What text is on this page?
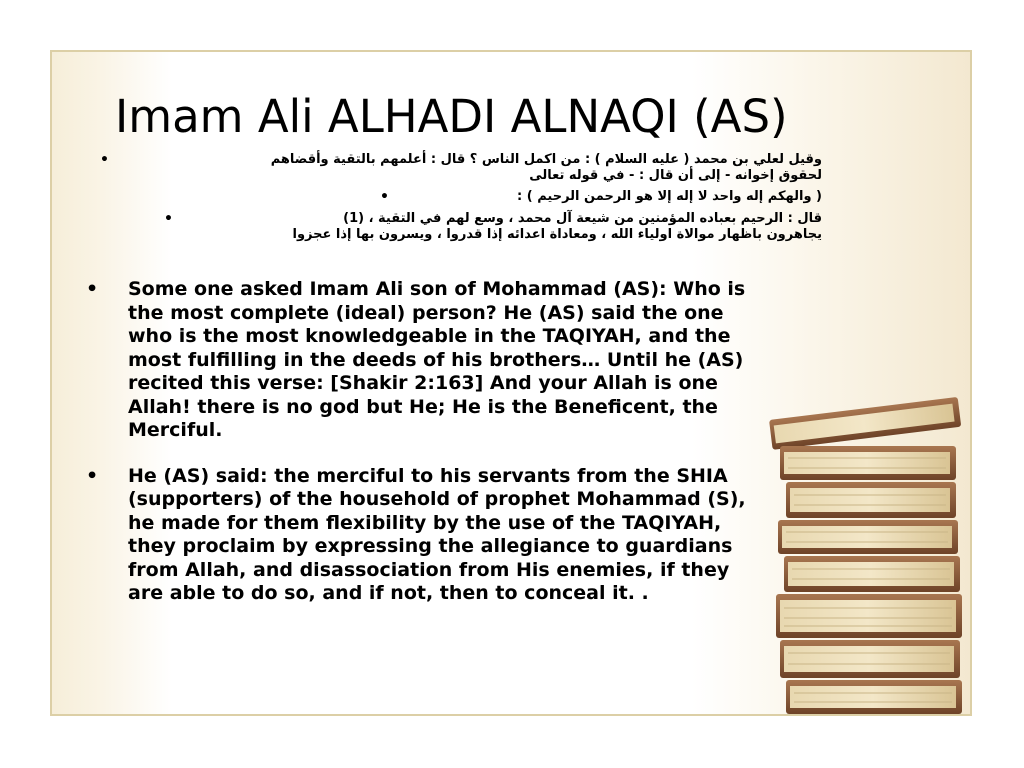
Imam Ali ALHADI ALNAQI (AS)
•	وقيل لعلي بن محمد ( عليه السلام ) : من اكمل الناس ؟ قال : أعلمهم بالتقية وأقضاهم
لحقوق إخوانه - إلى أن قال : - في قوله تعالى
•	( والهكم إله واحد لا إله إلا هو الرحمن الرحيم ) :
•	قال : الرحيم بعباده المؤمنين من شيعة آل محمد ، وسع لهم في التقية ، (1)
يجاهرون باظهار موالاة اولياء الله ، ومعاداة اعدائه إذا قدروا ، ويسرون بها إذا عجزوا
• Some one asked Imam Ali son of Mohammad (AS): Who is the most complete (ideal) person? He (AS) said the one who is the most knowledgeable in the TAQIYAH, and the most fulfilling in the deeds of his brothers… Until he (AS) recited this verse: [Shakir 2:163] And your Allah is one Allah! there is no god but He; He is the Beneficent, the Merciful.
• He (AS) said: the merciful to his servants from the SHIA (supporters) of the household of prophet Mohammad (S), he made for them flexibility by the use of the TAQIYAH, they proclaim by expressing the allegiance to guardians from Allah, and disassociation from His enemies, if they are able to do so, and if not, then to conceal it. .
